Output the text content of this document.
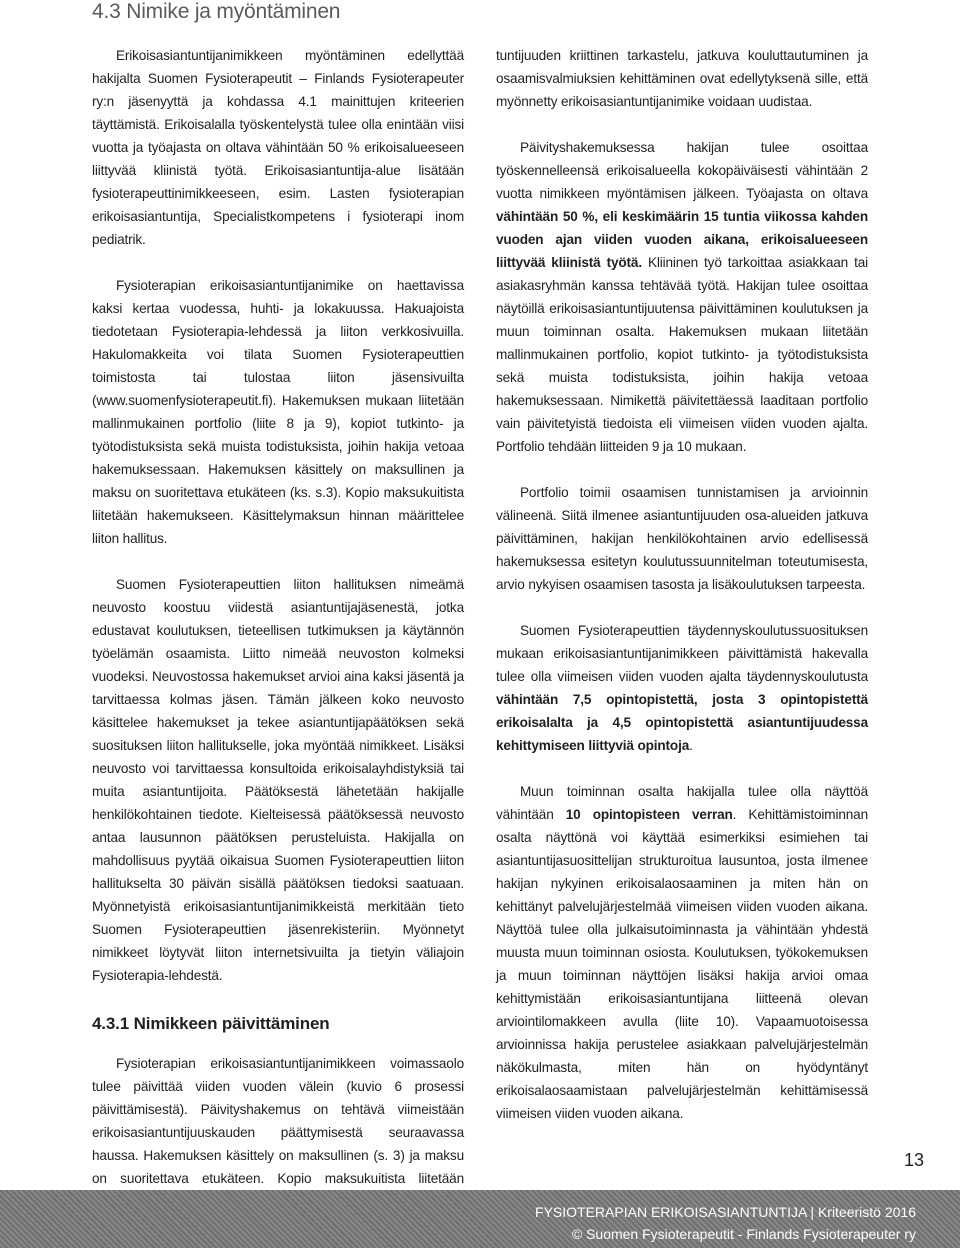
4.3 Nimike ja myöntäminen

Erikoisasiantuntijanimikkeen myöntäminen edellyttää hakijalta Suomen Fysioterapeutit – Finlands Fysioterapeuter ry:n jäsenyyttä ja kohdassa 4.1 mainittujen kriteerien täyttämistä. Erikoisalalla työskentelystä tulee olla enintään viisi vuotta ja työajasta on oltava vähintään 50 % erikoisalueeseen liittyvää kliinistä työtä. Erikoisasiantuntija-alue lisätään fysioterapeuttinimikkeeseen, esim. Lasten fysioterapian erikoisasiantuntija, Specialistkompetens i fysioterapi inom pediatrik.

Fysioterapian erikoisasiantuntijanimike on haettavissa kaksi kertaa vuodessa, huhti- ja lokakuussa. Hakuajoista tiedotetaan Fysioterapia-lehdessä ja liiton verkkosivuilla. Hakulomakkeita voi tilata Suomen Fysioterapeuttien toimistosta tai tulostaa liiton jäsensivuilta (www.suomenfysioterapeutit.fi). Hakemuksen mukaan liitetään mallinmukainen portfolio (liite 8 ja 9), kopiot tutkinto- ja työtodistuksista sekä muista todistuksista, joihin hakija vetoaa hakemuksessaan. Hakemuksen käsittely on maksullinen ja maksu on suoritettava etukäteen (ks. s.3). Kopio maksukuitista liitetään hakemukseen. Käsittelymaksun hinnan määrittelee liiton hallitus.

Suomen Fysioterapeuttien liiton hallituksen nimeämä neuvosto koostuu viidestä asiantuntijajäsenestä, jotka edustavat koulutuksen, tieteellisen tutkimuksen ja käytännön työelämän osaamista. Liitto nimeää neuvoston kolmeksi vuodeksi. Neuvostossa hakemukset arvioi aina kaksi jäsentä ja tarvittaessa kolmas jäsen. Tämän jälkeen koko neuvosto käsittelee hakemukset ja tekee asiantuntijapäätöksen sekä suosituksen liiton hallitukselle, joka myöntää nimikkeet. Lisäksi neuvosto voi tarvittaessa konsultoida erikoisalayhdistyksiä tai muita asiantuntijoita. Päätöksestä lähetetään hakijalle henkilökohtainen tiedote. Kielteisessä päätöksessä neuvosto antaa lausunnon päätöksen perusteluista. Hakijalla on mahdollisuus pyytää oikaisua Suomen Fysioterapeuttien liiton hallitukselta 30 päivän sisällä päätöksen tiedoksi saatuaan. Myönnetyistä erikoisasiantuntijanimikkeistä merkitään tieto Suomen Fysioterapeuttien jäsenrekisteriin. Myönnetyt nimikkeet löytyvät liiton internetsivuilta ja tietyin väliajoin Fysioterapia-lehdestä.

4.3.1 Nimikkeen päivittäminen

Fysioterapian erikoisasiantuntijanimikkeen voimassaolo tulee päivittää viiden vuoden välein (kuvio 6 prosessi päivittämisestä). Päivityshakemus on tehtävä viimeistään erikoisasiantuntijuuskauden päättymisestä seuraavassa haussa. Hakemuksen käsittely on maksullinen (s. 3) ja maksu on suoritettava etukäteen. Kopio maksukuitista liitetään

tuntijuuden kriittinen tarkastelu, jatkuva kouluttautuminen ja osaamisvalmiuksien kehittäminen ovat edellytyksenä sille, että myönnetty erikoisasiantuntijanimike voidaan uudistaa.

Päivityshakemuksessa hakijan tulee osoittaa työskennelleensä erikoisalueella kokopäiväisesti vähintään 2 vuotta nimikkeen myöntämisen jälkeen. Työajasta on oltava vähintään 50 %, eli keskimäärin 15 tuntia viikossa kahden vuoden ajan viiden vuoden aikana, erikoisalueeseen liittyvää kliinistä työtä. Kliininen työ tarkoittaa asiakkaan tai asiakasryhmän kanssa tehtävää työtä. Hakijan tulee osoittaa näytöillä erikoisasiantuntijuutensa päivittäminen koulutuksen ja muun toiminnan osalta. Hakemuksen mukaan liitetään mallinmukainen portfolio, kopiot tutkinto- ja työtodistuksista sekä muista todistuksista, joihin hakija vetoaa hakemuksessaan. Nimikettä päivitettäessä laaditaan portfolio vain päivitetyistä tiedoista eli viimeisen viiden vuoden ajalta. Portfolio tehdään liitteiden 9 ja 10 mukaan.

Portfolio toimii osaamisen tunnistamisen ja arvioinnin välineenä. Siitä ilmenee asiantuntijuuden osa-alueiden jatkuva päivittäminen, hakijan henkilökohtainen arvio edellisessä hakemuksessa esitetyn koulutussuunnitelman toteutumisesta, arvio nykyisen osaamisen tasosta ja lisäkoulutuksen tarpeesta.

Suomen Fysioterapeuttien täydennyskoulutussuosituksen mukaan erikoisasiantuntijanimikkeen päivittämistä hakevalla tulee olla viimeisen viiden vuoden ajalta täydennyskoulutusta vähintään 7,5 opintopistettä, josta 3 opintopistettä erikoisalalta ja 4,5 opintopistettä asiantuntijuudessa kehittymiseen liittyviä opintoja.

Muun toiminnan osalta hakijalla tulee olla näyttöä vähintään 10 opintopisteen verran. Kehittämistoiminnan osalta näyttönä voi käyttää esimerkiksi esimiehen tai asiantuntijasuosittelijan strukturoitua lausuntoa, josta ilmenee hakijan nykyinen erikoisalaosaaminen ja miten hän on kehittänyt palvelujärjestelmää viimeisen viiden vuoden aikana. Näyttöä tulee olla julkaisutoiminnasta ja vähintään yhdestä muusta muun toiminnan osiosta. Koulutuksen, työkokemuksen ja muun toiminnan näyttöjen lisäksi hakija arvioi omaa kehittymistään erikoisasiantuntijana liitteenä olevan arviointilomakkeen avulla (liite 10). Vapaamuotoisessa arvioinnissa hakija perustelee asiakkaan palvelujärjestelmän näkökulmasta, miten hän on hyödyntänyt erikoisalaosaamistaan palvelujärjestelmän kehittämisessä viimeisen viiden vuoden aikana.

13
FYSIOTERAPIAN ERIKOISASIANTUNTIJA | Kriteeristö 2016
© Suomen Fysioterapeutit - Finlands Fysioterapeuter ry
